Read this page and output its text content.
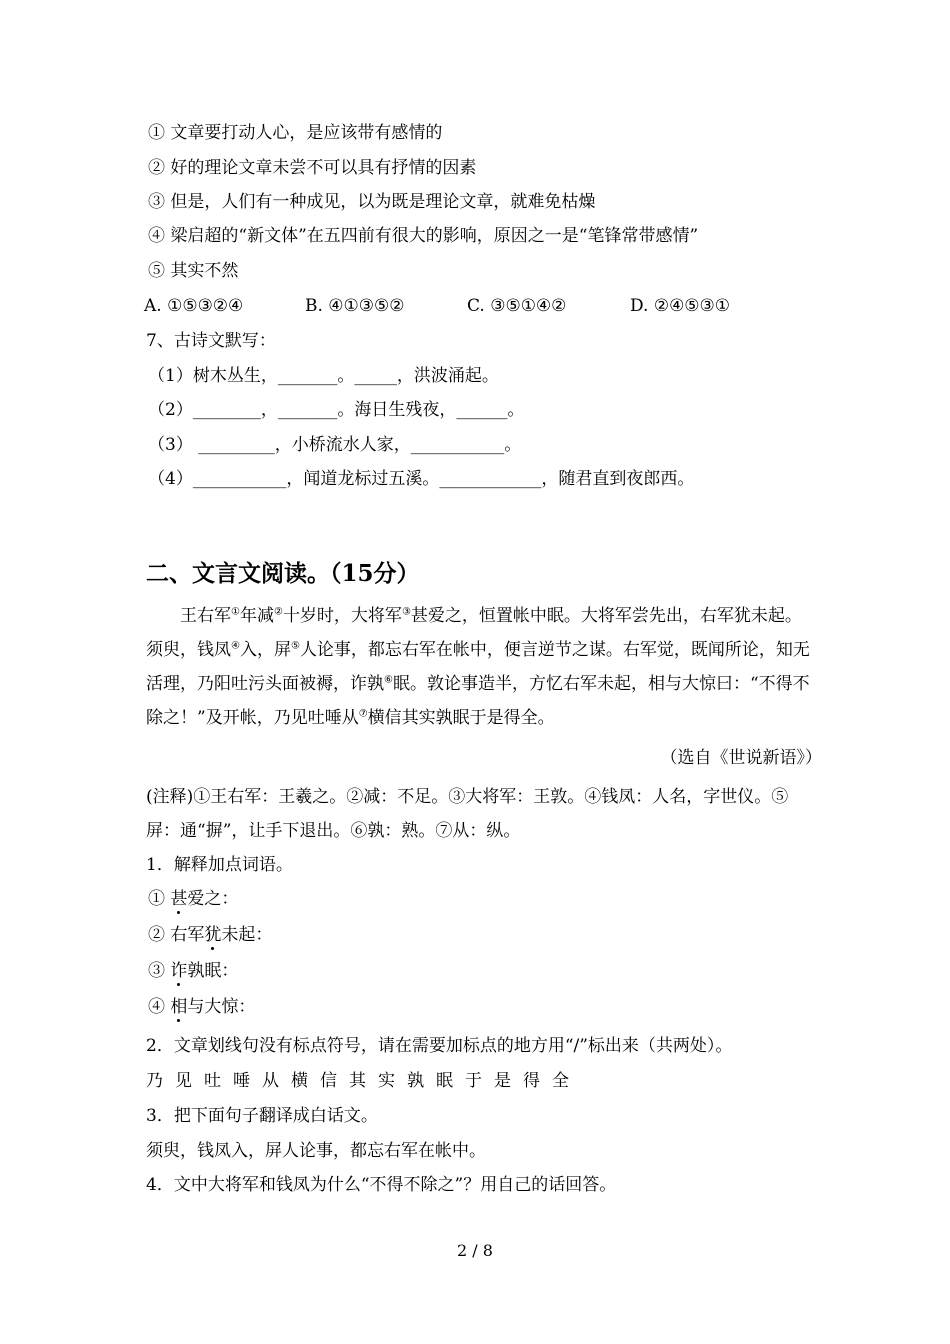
① 文章要打动人心，是应该带有感情的
② 好的理论文章未尝不可以具有抒情的因素
③ 但是，人们有一种成见，以为既是理论文章，就难免枯燥
④ 梁启超的“新文体”在五四前有很大的影响，原因之一是“笔锋常带感情”
⑤ 其实不然
A. ①⑤③②④	B. ④①③⑤②	C. ③⑤①④②	D. ②④⑤③①
7、古诗文默写：
（1）树木丛生，_______。_____，洪波涌起。
（2）________，_______。海日生残夜，______。
（3） _________，小桥流水人家，___________。
（4）___________，闻道龙标过五溪。____________，随君直到夜郎西。
二、文言文阅读。（15分）
王右军①年减②十岁时，大将军③甚爱之，恒置帐中眠。大将军尝先出，右军犹未起。须臾，钱凤④入，屏⑤人论事，都忘右军在帐中，便言逆节之谋。右军觉，既闻所论，知无活理，乃阳吐污头面被褥，诈孰⑥眠。敦论事造半，方忆右军未起，相与大惊曰：“不得不除之！”及开帐，乃见吐唾从⑦横信其实孰眠于是得全。
（选自《世说新语》）
(注释)①王右军：王羲之。②减：不足。③大将军：王敦。④钱凤：人名，字世仪。⑤屏：通“摒”，让手下退出。⑥孰：熟。⑦从：纵。
1．解释加点词语。
① 甚爱之：
② 右军犹未起：
③ 诈孰眠：
④ 相与大惊：
2．文章划线句没有标点符号，请在需要加标点的地方用“/”标出来（共两处）。
乃见吐唾从横信其实孰眠于是得全
3．把下面句子翻译成白话文。
须臾，钱凤入，屏人论事，都忘右军在帐中。
4．文中大将军和钱凤为什么“不得不除之”？用自己的话回答。
2 / 8
